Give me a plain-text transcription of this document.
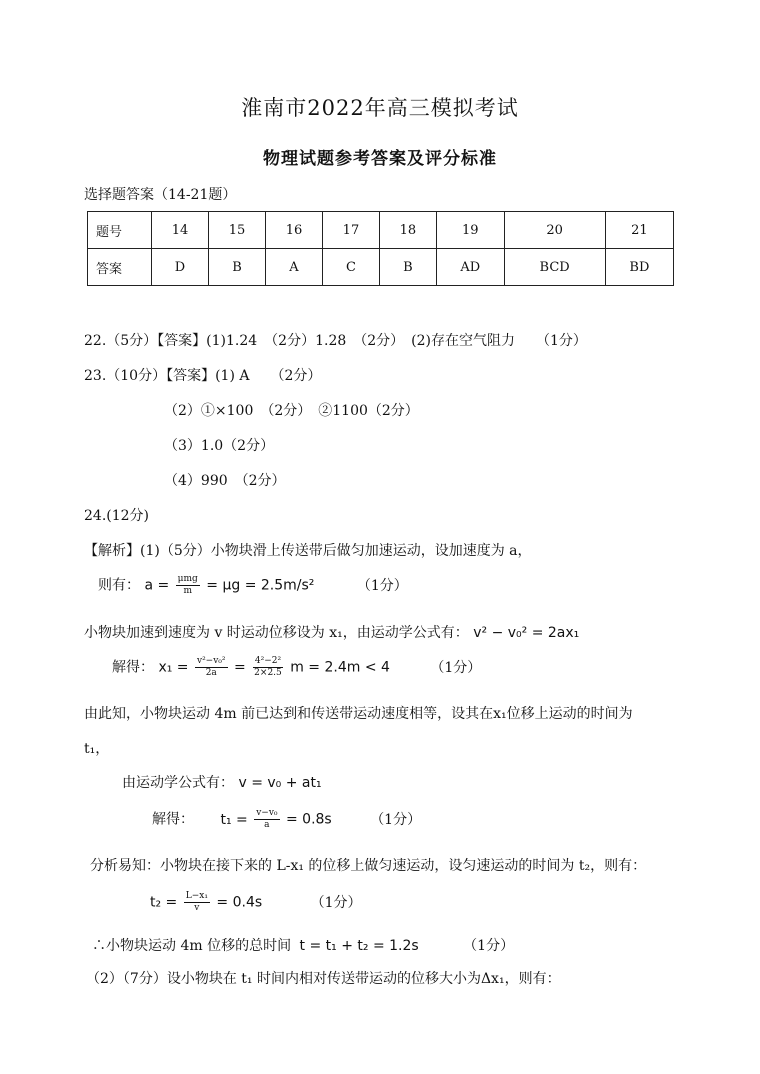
淮南市2022年高三模拟考试
物理试题参考答案及评分标准
选择题答案（14-21题）
题号	14	15	16	17	18	19	20	21
答案	D	B	A	C	B	AD	BCD	BD
22.（5分）【答案】(1)1.24　（2分）1.28　（2分）　(2)存在空气阻力　　（1分）
23.（10分）【答案】(1) A　　（2分）
（2）①×100　（2分）　②1100（2分）
（3）1.0（2分）
（4）990　（2分）
24.(12分)
【解析】(1)（5分）小物块滑上传送带后做匀加速运动，设加速度为 a，
则有： $a = \frac{\text{μmg}}{m} = \mu g = 2.5m/s^2$	（1分）
小物块加速到速度为 v 时运动位移设为 x₁，由运动学公式有： v² − v₀² = 2ax₁
解得： $x_1 = \frac{\text{v²−v₀²}}{2a} = \frac{\text{4²−2²}}{2\times 2.5}$ m = 2.4m < 4	（1分）
由此知，小物块运动 4m 前已达到和传送带运动速度相等，设其在x₁位移上运动的时间为
t₁，
由运动学公式有： v = v₀ + at₁
解得： $t_1 = \frac{\text{v−v₀}}{a} = 0.8s$	（1分）
分析易知：小物块在接下来的 L-x₁ 的位移上做匀速运动，设匀速运动的时间为 t₂，则有：
$t_2 = \frac{\text{L−x₁}}{v} = 0.4s$	（1分）
∴小物块运动 4m 位移的总时间 t = t₁ + t₂ = 1.2s	（1分）
（2）（7分）设小物块在 t₁ 时间内相对传送带运动的位移大小为Δx₁，则有：
